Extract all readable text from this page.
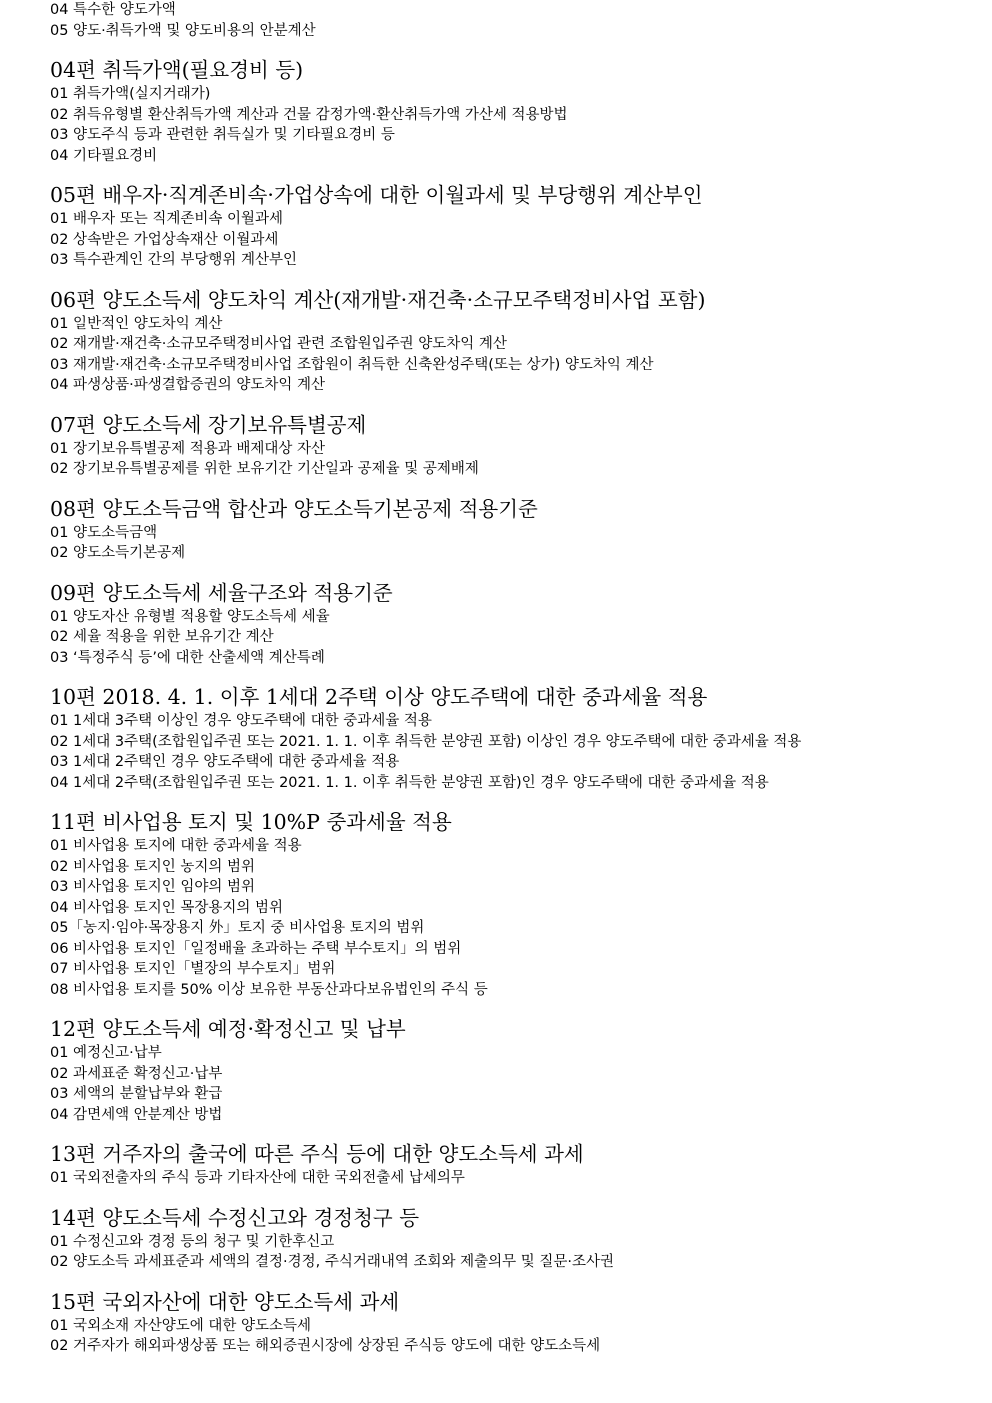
04 특수한 양도가액
05 양도·취득가액 및 양도비용의 안분계산
04편 취득가액(필요경비 등)
01 취득가액(실지거래가)
02 취득유형별 환산취득가액 계산과 건물 감정가액·환산취득가액 가산세 적용방법
03 양도주식 등과 관련한 취득실가 및 기타필요경비 등
04 기타필요경비
05편 배우자·직계존비속·가업상속에 대한 이월과세 및 부당행위 계산부인
01 배우자 또는 직계존비속 이월과세
02 상속받은 가업상속재산 이월과세
03 특수관계인 간의 부당행위 계산부인
06편 양도소득세 양도차익 계산(재개발·재건축·소규모주택정비사업 포함)
01 일반적인 양도차익 계산
02 재개발·재건축·소규모주택정비사업 관련 조합원입주권 양도차익 계산
03 재개발·재건축·소규모주택정비사업 조합원이 취득한 신축완성주택(또는 상가) 양도차익 계산
04 파생상품·파생결합증권의 양도차익 계산
07편 양도소득세 장기보유특별공제
01 장기보유특별공제 적용과 배제대상 자산
02 장기보유특별공제를 위한 보유기간 기산일과 공제율 및 공제배제
08편 양도소득금액 합산과 양도소득기본공제 적용기준
01 양도소득금액
02 양도소득기본공제
09편 양도소득세 세율구조와 적용기준
01 양도자산 유형별 적용할 양도소득세 세율
02 세율 적용을 위한 보유기간 계산
03 ‘특정주식 등’에 대한 산출세액 계산특례
10편 2018. 4. 1. 이후 1세대 2주택 이상 양도주택에 대한 중과세율 적용
01 1세대 3주택 이상인 경우 양도주택에 대한 중과세율 적용
02 1세대 3주택(조합원입주권 또는 2021. 1. 1. 이후 취득한 분양권 포함) 이상인 경우 양도주택에 대한 중과세율 적용
03 1세대 2주택인 경우 양도주택에 대한 중과세율 적용
04 1세대 2주택(조합원입주권 또는 2021. 1. 1. 이후 취득한 분양권 포함)인 경우 양도주택에 대한 중과세율 적용
11편 비사업용 토지 및 10%P 중과세율 적용
01 비사업용 토지에 대한 중과세율 적용
02 비사업용 토지인 농지의 범위
03 비사업용 토지인 임야의 범위
04 비사업용 토지인 목장용지의 범위
05「농지·임야·목장용지 外」토지 중 비사업용 토지의 범위
06 비사업용 토지인「일정배율 초과하는 주택 부수토지」의 범위
07 비사업용 토지인「별장의 부수토지」범위
08 비사업용 토지를 50% 이상 보유한 부동산과다보유법인의 주식 등
12편 양도소득세 예정·확정신고 및 납부
01 예정신고·납부
02 과세표준 확정신고·납부
03 세액의 분할납부와 환급
04 감면세액 안분계산 방법
13편 거주자의 출국에 따른 주식 등에 대한 양도소득세 과세
01 국외전출자의 주식 등과 기타자산에 대한 국외전출세 납세의무
14편 양도소득세 수정신고와 경정청구 등
01 수정신고와 경정 등의 청구 및 기한후신고
02 양도소득 과세표준과 세액의 결정·경정, 주식거래내역 조회와 제출의무 및 질문·조사권
15편 국외자산에 대한 양도소득세 과세
01 국외소재 자산양도에 대한 양도소득세
02 거주자가 해외파생상품 또는 해외증권시장에 상장된 주식등 양도에 대한 양도소득세
